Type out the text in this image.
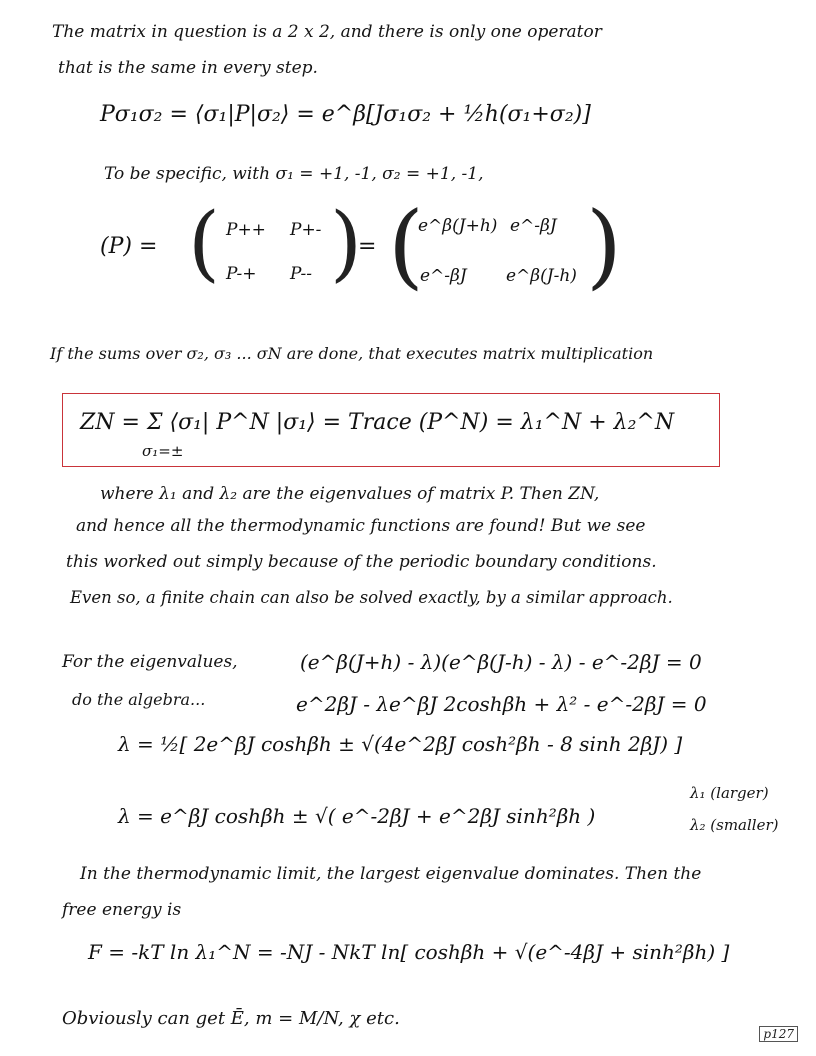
The matrix in question is a 2 x 2, and there is only one operator
that is the same in every step.
Pσ₁σ₂ = ⟨σ₁|P|σ₂⟩ = e^β[Jσ₁σ₂ + ½h(σ₁+σ₂)]
To be specific, with σ₁ = +1, -1, σ₂ = +1, -1,
(P) = ( P++ P+-
P-+ P-- )
= (
e^β(J+h) e^-βJ
e^-βJ e^β(J-h) )
If the sums over σ₂, σ₃ ... σN are done, that executes matrix multiplication
ZN = Σ ⟨σ₁| P^N |σ₁⟩ = Trace (P^N) = λ₁^N + λ₂^N
σ₁=±
where λ₁ and λ₂ are the eigenvalues of matrix P. Then ZN,
and hence all the thermodynamic functions are found! But we see
this worked out simply because of the periodic boundary conditions.
Even so, a finite chain can also be solved exactly, by a similar approach.
For the eigenvalues,	(e^β(J+h) - λ)(e^β(J-h) - λ) - e^-2βJ = 0
do the algebra...	e^2βJ - λe^βJ 2coshβh + λ² - e^-2βJ = 0
λ = ½[ 2e^βJ coshβh ± √(4e^2βJ cosh²βh - 8 sinh 2βJ) ]
λ = e^βJ coshβh ± √( e^-2βJ + e^2βJ sinh²βh )
λ₁ (larger)
λ₂ (smaller)
In the thermodynamic limit, the largest eigenvalue dominates. Then the
free energy is
F = -kT ln λ₁^N = -NJ - NkT ln[ coshβh + √(e^-4βJ + sinh²βh) ]
Obviously can get Ē, m = M/N, χ etc.
p127
